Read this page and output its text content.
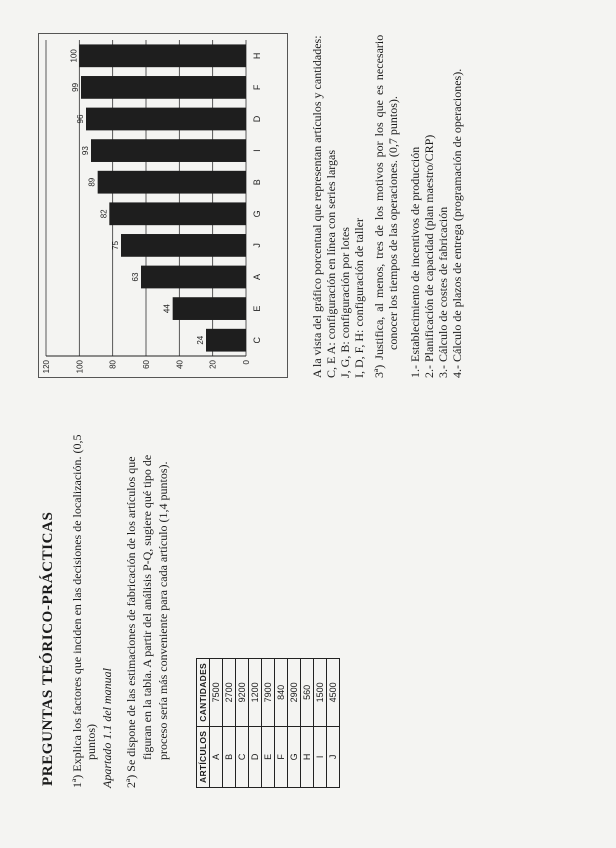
PREGUNTAS TEÓRICO-PRÁCTICAS 1ª) Explica los factores que inciden en las decisiones de localización. (0,5 puntos) Apartado 1.1 del manual 2ª) Se dispone de las estimaciones de fabricación de los artículos que figuran en la tabla. A partir del análisis P-Q, sugiere qué tipo de proceso sería más conveniente para cada artículo (1,4 puntos).	ARTÍCULOS	CANTIDADES
A	7500
B	2700
C	9200
D	1200
E	7900
F	840
G	2900
H	560
I	1500
J	4500
0
20
40
60
80
100
120
24	C
44	E
63	A
75	J
82	G
89	B
93	I
96	D
99	F
100	H	A la vista del gráfico porcentual que representan artículos y cantidades: C, E A: configuración en línea con series largas J, G, B: configuración por lotes I, D, F, H: configuración de taller 3ª) Justifica, al menos, tres de los motivos por los que es necesario conocer los tiempos de las operaciones. (0,7 puntos). 1.- Establecimiento de incentivos de producción 2.- Planificación de capacidad (plan maestro/CRP) 3.- Cálculo de costes de fabricación 4.- Cálculo de plazos de entrega (programación de operaciones).
